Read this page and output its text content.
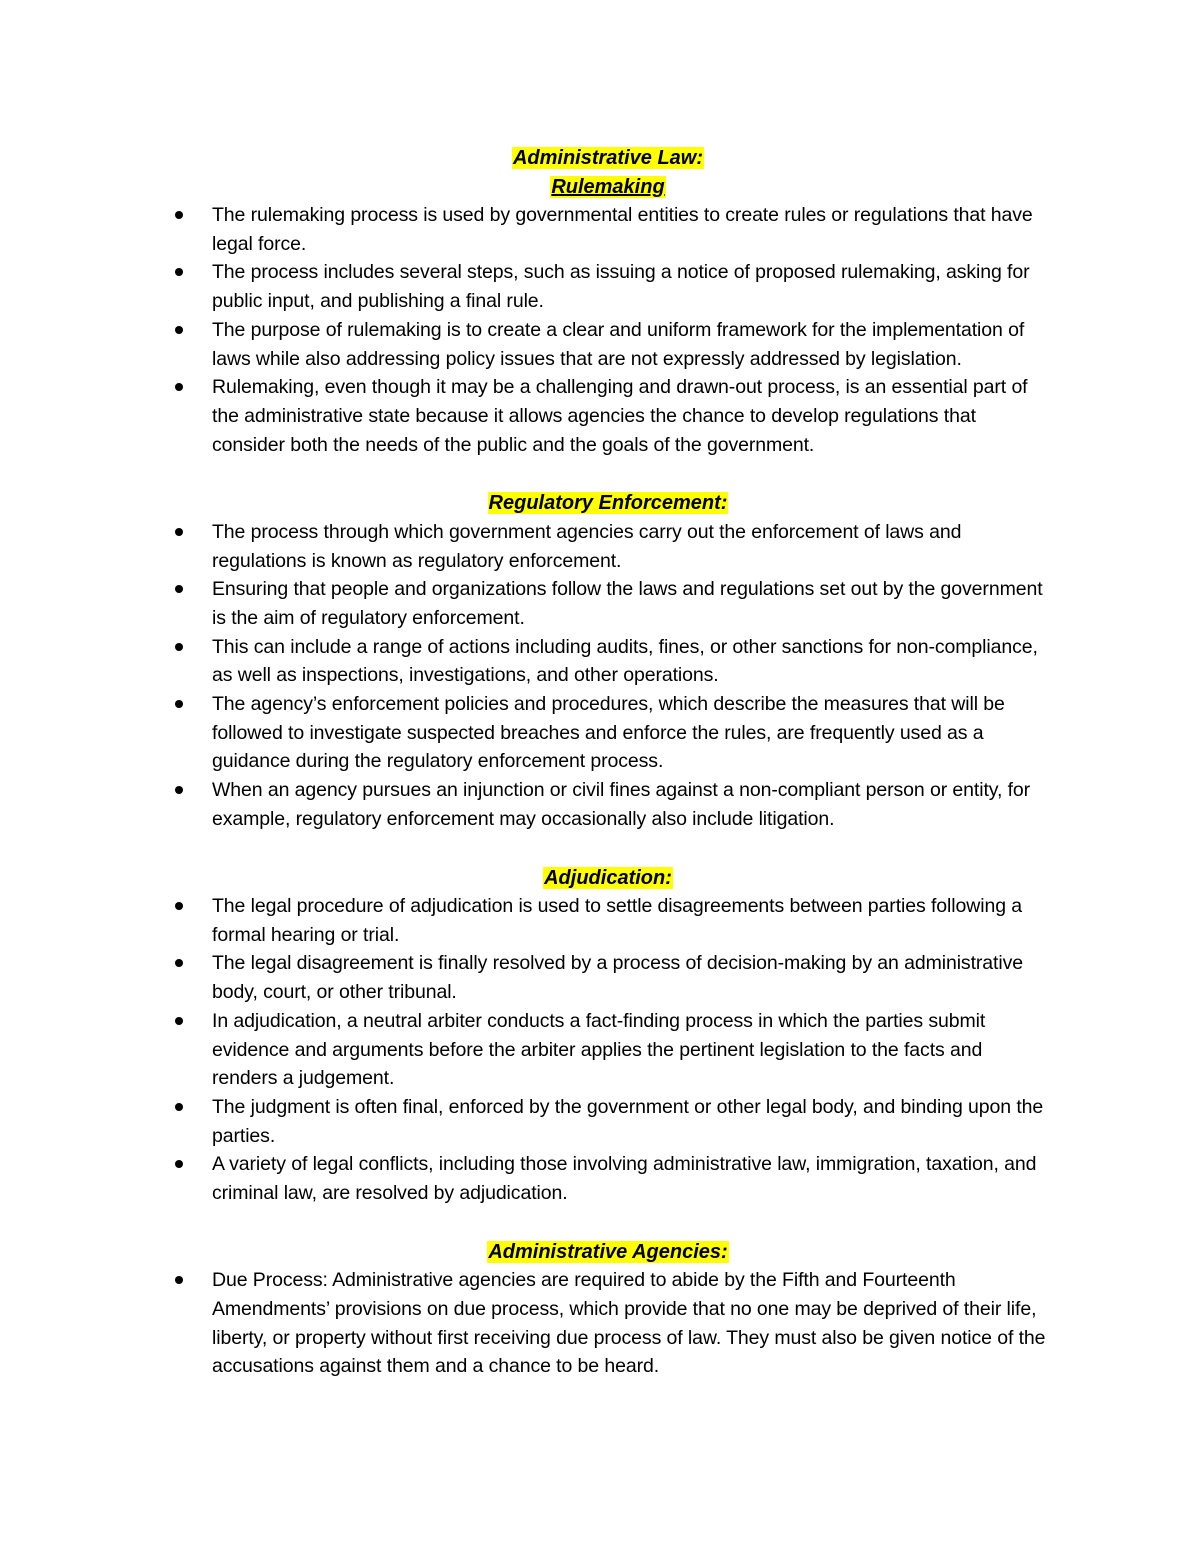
Administrative Law:

Rulemaking

The rulemaking process is used by governmental entities to create rules or regulations that have legal force.
The process includes several steps, such as issuing a notice of proposed rulemaking, asking for public input, and publishing a final rule.
The purpose of rulemaking is to create a clear and uniform framework for the implementation of laws while also addressing policy issues that are not expressly addressed by legislation.
Rulemaking, even though it may be a challenging and drawn-out process, is an essential part of the administrative state because it allows agencies the chance to develop regulations that consider both the needs of the public and the goals of the government.

Regulatory Enforcement:

The process through which government agencies carry out the enforcement of laws and regulations is known as regulatory enforcement.
Ensuring that people and organizations follow the laws and regulations set out by the government is the aim of regulatory enforcement.
This can include a range of actions including audits, fines, or other sanctions for non-compliance, as well as inspections, investigations, and other operations.
The agency’s enforcement policies and procedures, which describe the measures that will be followed to investigate suspected breaches and enforce the rules, are frequently used as a guidance during the regulatory enforcement process.
When an agency pursues an injunction or civil fines against a non-compliant person or entity, for example, regulatory enforcement may occasionally also include litigation.

Adjudication:

The legal procedure of adjudication is used to settle disagreements between parties following a formal hearing or trial.
The legal disagreement is finally resolved by a process of decision-making by an administrative body, court, or other tribunal.
In adjudication, a neutral arbiter conducts a fact-finding process in which the parties submit evidence and arguments before the arbiter applies the pertinent legislation to the facts and renders a judgement.
The judgment is often final, enforced by the government or other legal body, and binding upon the parties.
A variety of legal conflicts, including those involving administrative law, immigration, taxation, and criminal law, are resolved by adjudication.

Administrative Agencies:

Due Process: Administrative agencies are required to abide by the Fifth and Fourteenth Amendments’ provisions on due process, which provide that no one may be deprived of their life, liberty, or property without first receiving due process of law. They must also be given notice of the accusations against them and a chance to be heard.
